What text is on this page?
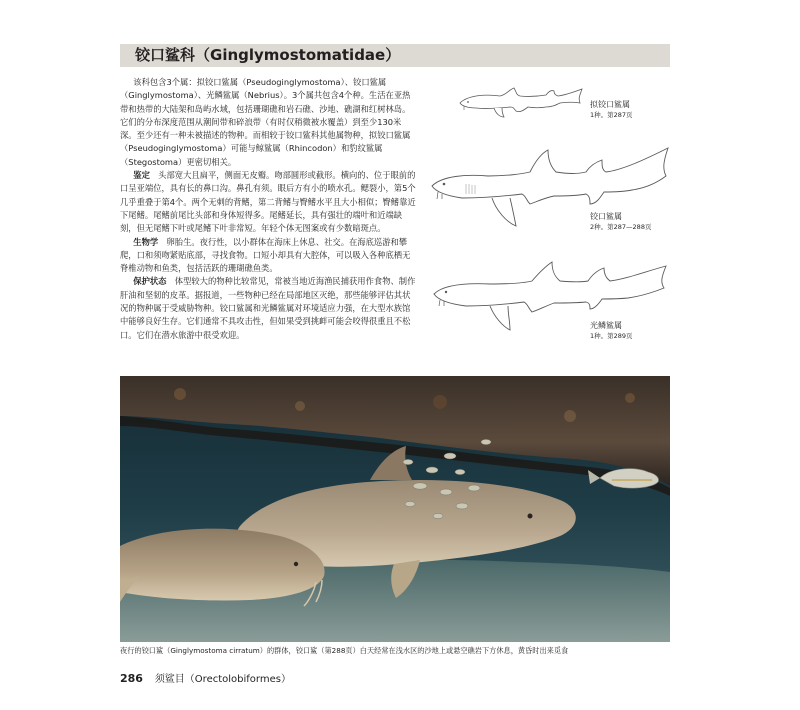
铰口鲨科（Ginglymostomatidae）

该科包含3个属：拟铰口鲨属（Pseudoginglymostoma）、铰口鲨属（Ginglymostoma）、光鳞鲨属（Nebrius）。3个属共包含4个种。生活在亚热带和热带的大陆架和岛屿水域，包括珊瑚礁和岩石礁、沙地、礁湖和红树林岛。它们的分布深度范围从潮间带和碎浪带（有时仅稍微被水覆盖）到至少130米深。至少还有一种未被描述的物种。而相较于铰口鲨科其他属物种，拟铰口鲨属（Pseudoginglymostoma）可能与鲸鲨属（Rhincodon）和豹纹鲨属（Stegostoma）更密切相关。

鉴定  头部宽大且扁平，侧面无皮瓣。吻部圆形或截形。横向的、位于眼前的口呈亚端位，具有长的鼻口沟。鼻孔有须。眼后方有小的喷水孔。鳃裂小，第5个几乎重叠于第4个。两个无刺的背鳍，第二背鳍与臀鳍水平且大小相似；臀鳍靠近下尾鳍。尾鳍前尾比头部和身体短得多。尾鳍延长，具有强壮的端叶和近端缺刻，但无尾鳍下叶或尾鳍下叶非常短。年轻个体无图案或有少数暗斑点。

生物学  卵胎生。夜行性，以小群体在海床上休息、社交。在海底巡游和攀爬，口和须吻紧贴底部，寻找食物。口短小却具有大腔体，可以吸入各种底栖无脊椎动物和鱼类，包括活跃的珊瑚礁鱼类。

保护状态  体型较大的物种比较常见，常被当地近海渔民捕获用作食物、制作肝油和坚韧的皮革。据报道，一些物种已经在局部地区灭绝，那些能够评估其状况的物种属于受威胁物种。铰口鲨属和光鳞鲨属对环境适应力强，在大型水族馆中能够良好生存。它们通常不具攻击性，但如果受到挑衅可能会咬得很重且不松口。它们在潜水旅游中很受欢迎。

拟铰口鲨属
1种。第287页
铰口鲨属
2种。第287—288页
光鳞鲨属
1种。第289页
夜行的铰口鲨（Ginglymostoma cirratum）的群体，铰口鲨（第288页）白天经常在浅水区的沙地上或悬空礁岩下方休息，黄昏时出来觅食
286 须鲨目（Orectolobiformes）
